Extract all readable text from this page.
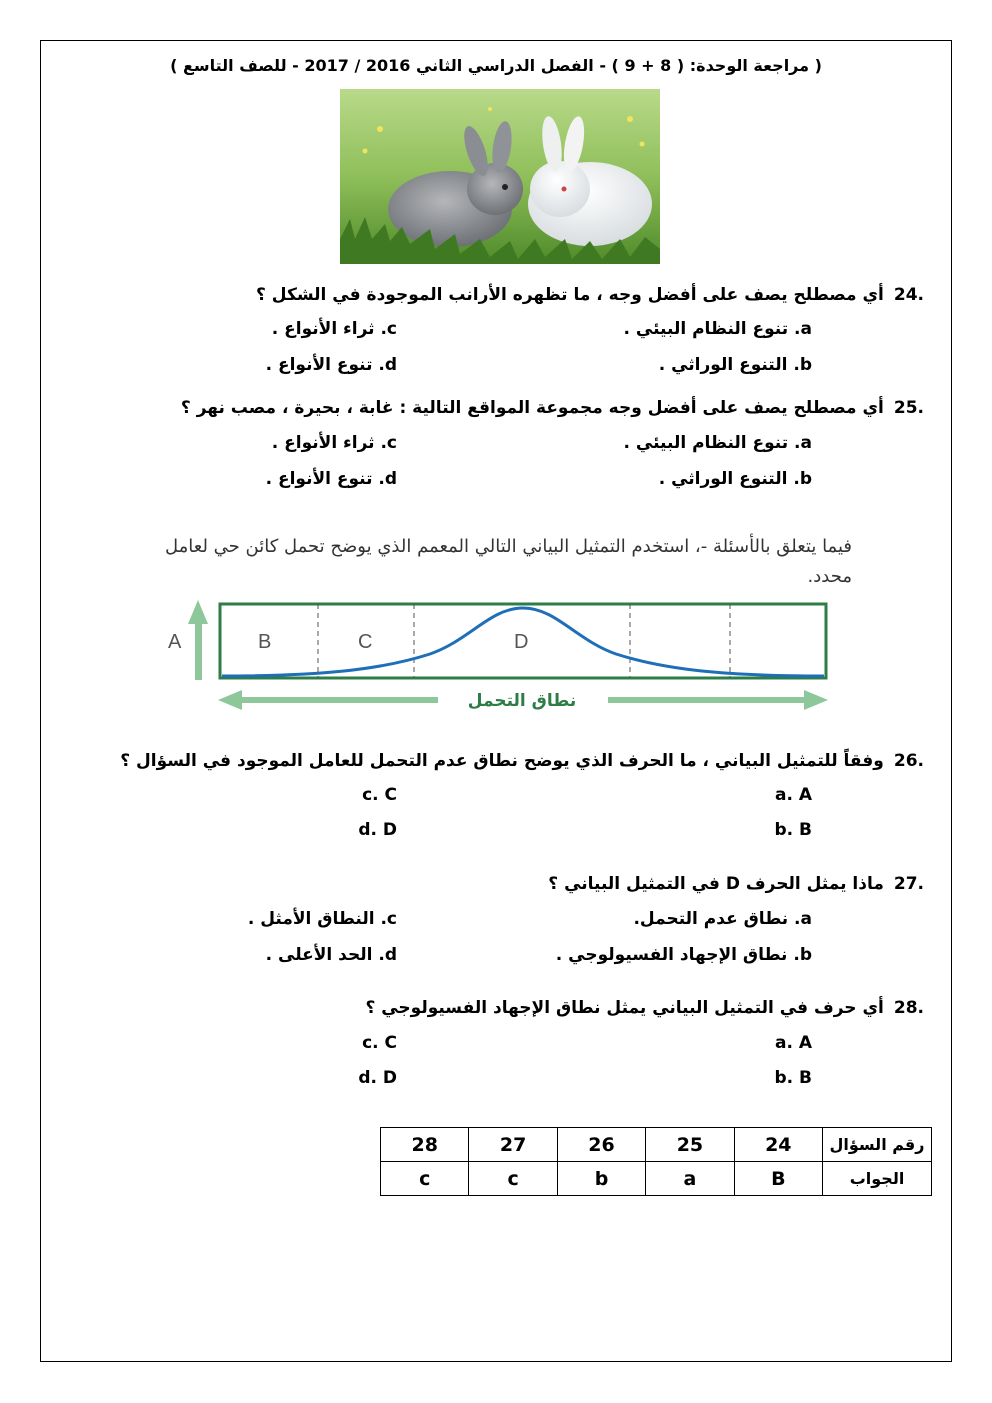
( مراجعة الوحدة: ( 8 + 9 ) - الفصل الدراسي الثاني 2016 / 2017 - للصف التاسع )
.24أي مصطلح يصف على أفضل وجه ، ما تظهره الأرانب الموجودة في الشكل ؟
a. تنوع النظام البيئي .
c. ثراء الأنواع .
b. التنوع الوراثي .
d. تنوع الأنواع .
.25أي مصطلح يصف على أفضل وجه مجموعة المواقع التالية : غابة ، بحيرة ، مصب نهر ؟
a. تنوع النظام البيئي .
c. ثراء الأنواع .
b. التنوع الوراثي .
d. تنوع الأنواع .
فيما يتعلق بالأسئلة -، استخدم التمثيل البياني التالي المعمم الذي يوضح تحمل كائن حي لعامل محدد.
A	B	C	D
نطاق التحمل
.26وفقاً للتمثيل البياني ، ما الحرف الذي يوضح نطاق عدم التحمل للعامل الموجود في السؤال ؟
a. A
c. C
b. B
d. D
.27ماذا يمثل الحرف D في التمثيل البياني ؟
a. نطاق عدم التحمل.
c. النطاق الأمثل .
b. نطاق الإجهاد الفسيولوجي .
d. الحد الأعلى .
.28أي حرف في التمثيل البياني يمثل نطاق الإجهاد الفسيولوجي ؟
a. A
c. C
b. B
d. D
رقم السؤال	24	25	26	27	28
الجواب	B	a	b	c	c
